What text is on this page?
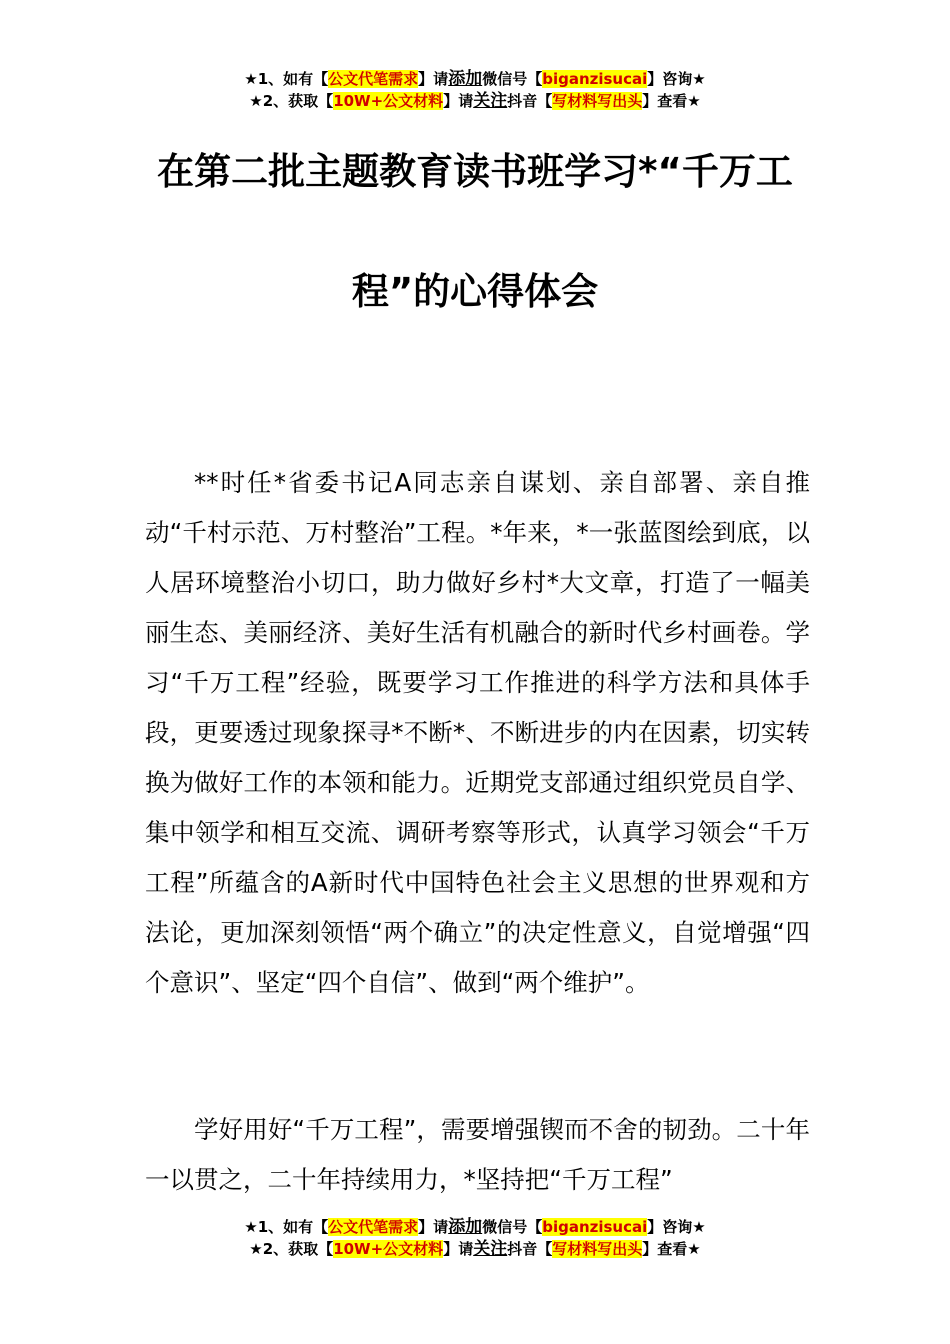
★1、如有【公文代笔需求】请添加微信号【biganzisucai】咨询★
★2、获取【10W+公文材料】请关注抖音【写材料写出头】查看★
在第二批主题教育读书班学习*“千万工
程”的心得体会
**时任*省委书记A同志亲自谋划、亲自部署、亲自推动“千村示范、万村整治”工程。*年来，*一张蓝图绘到底，以人居环境整治小切口，助力做好乡村*大文章，打造了一幅美丽生态、美丽经济、美好生活有机融合的新时代乡村画卷。学习“千万工程”经验，既要学习工作推进的科学方法和具体手段，更要透过现象探寻*不断*、不断进步的内在因素，切实转换为做好工作的本领和能力。近期党支部通过组织党员自学、集中领学和相互交流、调研考察等形式，认真学习领会“千万工程”所蕴含的A新时代中国特色社会主义思想的世界观和方法论，更加深刻领悟“两个确立”的决定性意义，自觉增强“四个意识”、坚定“四个自信”、做到“两个维护”。
学好用好“千万工程”，需要增强锲而不舍的韧劲。二十年一以贯之，二十年持续用力，*坚持把“千万工程”
★1、如有【公文代笔需求】请添加微信号【biganzisucai】咨询★
★2、获取【10W+公文材料】请关注抖音【写材料写出头】查看★
